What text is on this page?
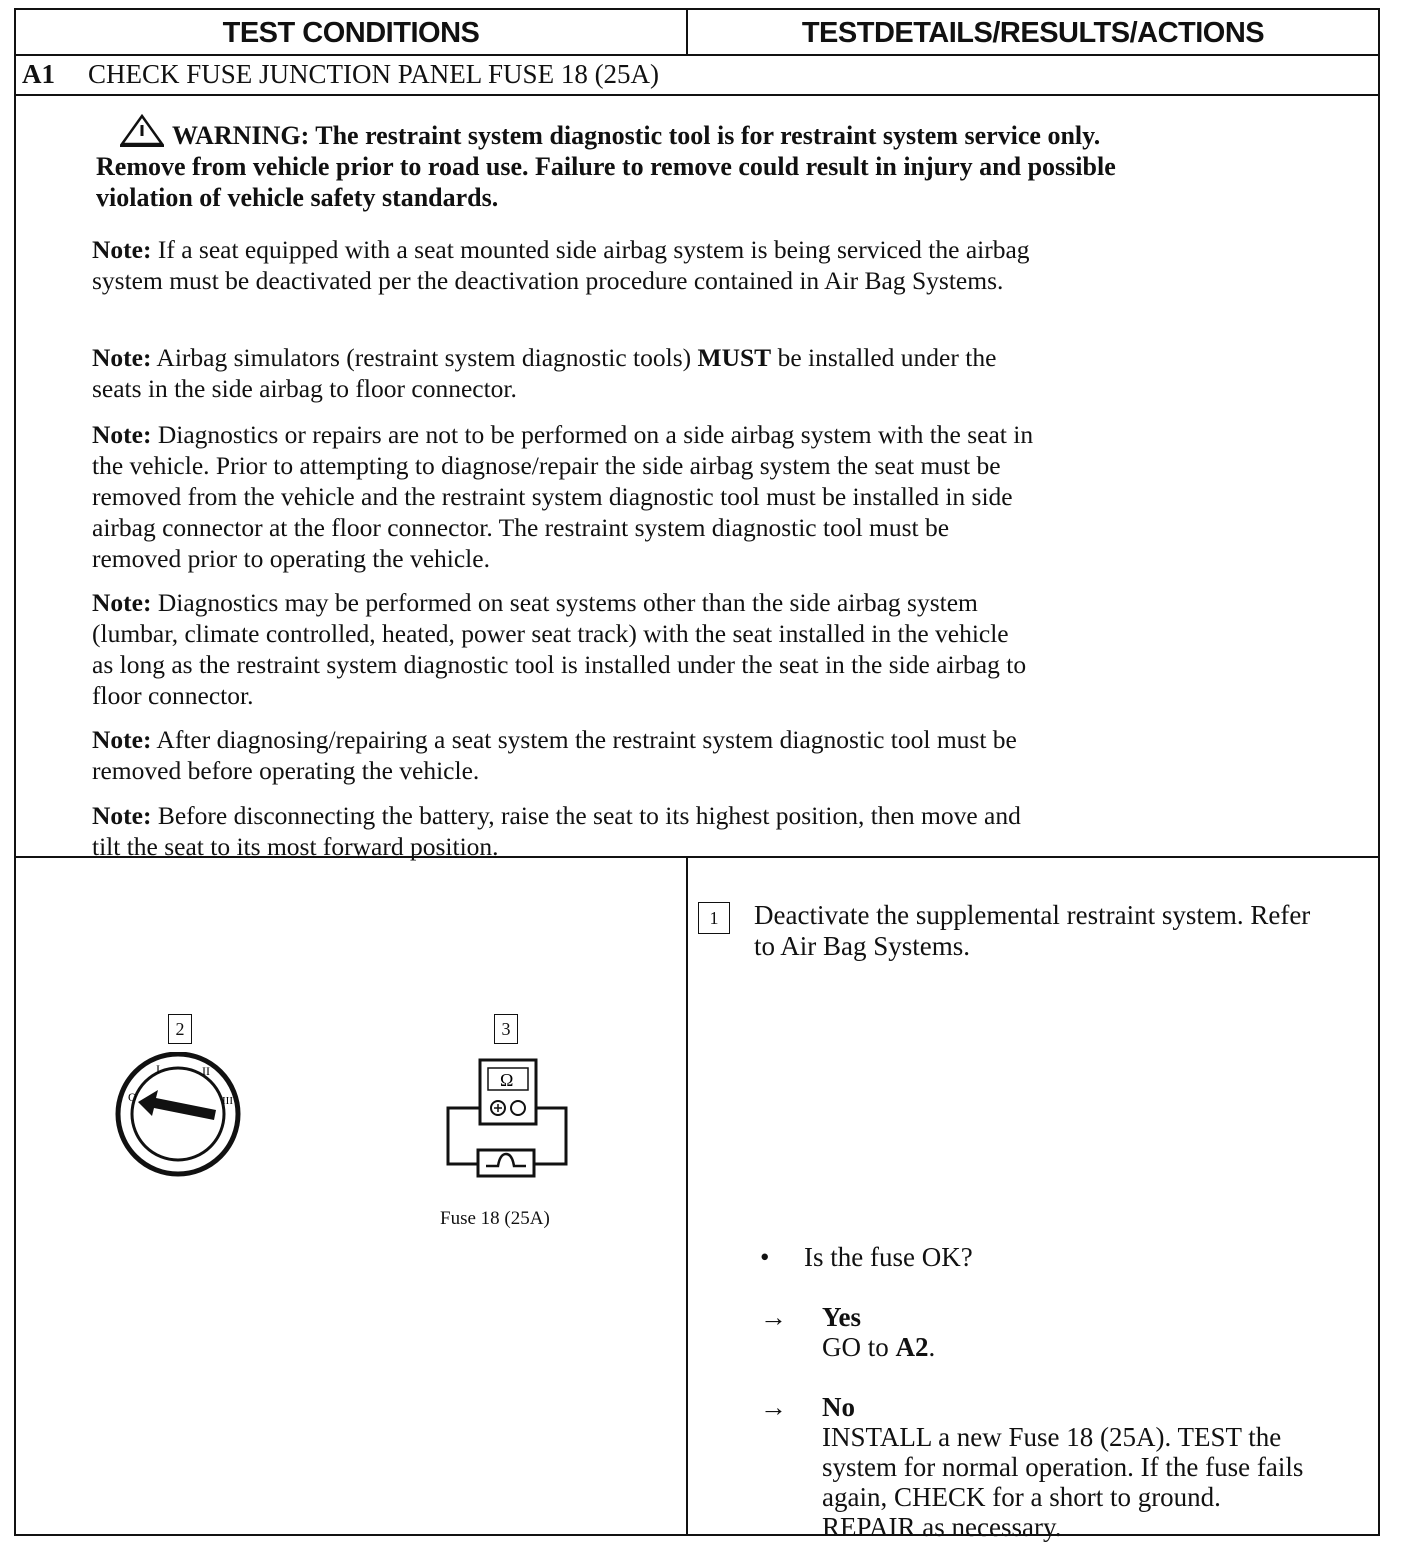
TEST CONDITIONS	TESTDETAILS/RESULTS/ACTIONS
A1 CHECK FUSE JUNCTION PANEL FUSE 18 (25A)
WARNING: The restraint system diagnostic tool is for restraint system service only.
Remove from vehicle prior to road use. Failure to remove could result in injury and possible
violation of vehicle safety standards.
Note: If a seat equipped with a seat mounted side airbag system is being serviced the airbag
system must be deactivated per the deactivation procedure contained in Air Bag Systems.
Note: Airbag simulators (restraint system diagnostic tools) MUST be installed under the
seats in the side airbag to floor connector.
Note: Diagnostics or repairs are not to be performed on a side airbag system with the seat in
the vehicle. Prior to attempting to diagnose/repair the side airbag system the seat must be
removed from the vehicle and the restraint system diagnostic tool must be installed in side
airbag connector at the floor connector. The restraint system diagnostic tool must be
removed prior to operating the vehicle.
Note: Diagnostics may be performed on seat systems other than the side airbag system
(lumbar, climate controlled, heated, power seat track) with the seat installed in the vehicle
as long as the restraint system diagnostic tool is installed under the seat in the side airbag to
floor connector.
Note: After diagnosing/repairing a seat system the restraint system diagnostic tool must be
removed before operating the vehicle.
Note: Before disconnecting the battery, raise the seat to its highest position, then move and
tilt the seat to its most forward position.
2	3
O
I	II
III
Ω
Fuse 18 (25A)
1	Deactivate the supplemental restraint system. Refer
to Air Bag Systems.
• Is the fuse OK?
→ Yes
GO to A2.
→ No
INSTALL a new Fuse 18 (25A). TEST the
system for normal operation. If the fuse fails
again, CHECK for a short to ground.
REPAIR as necessary.
